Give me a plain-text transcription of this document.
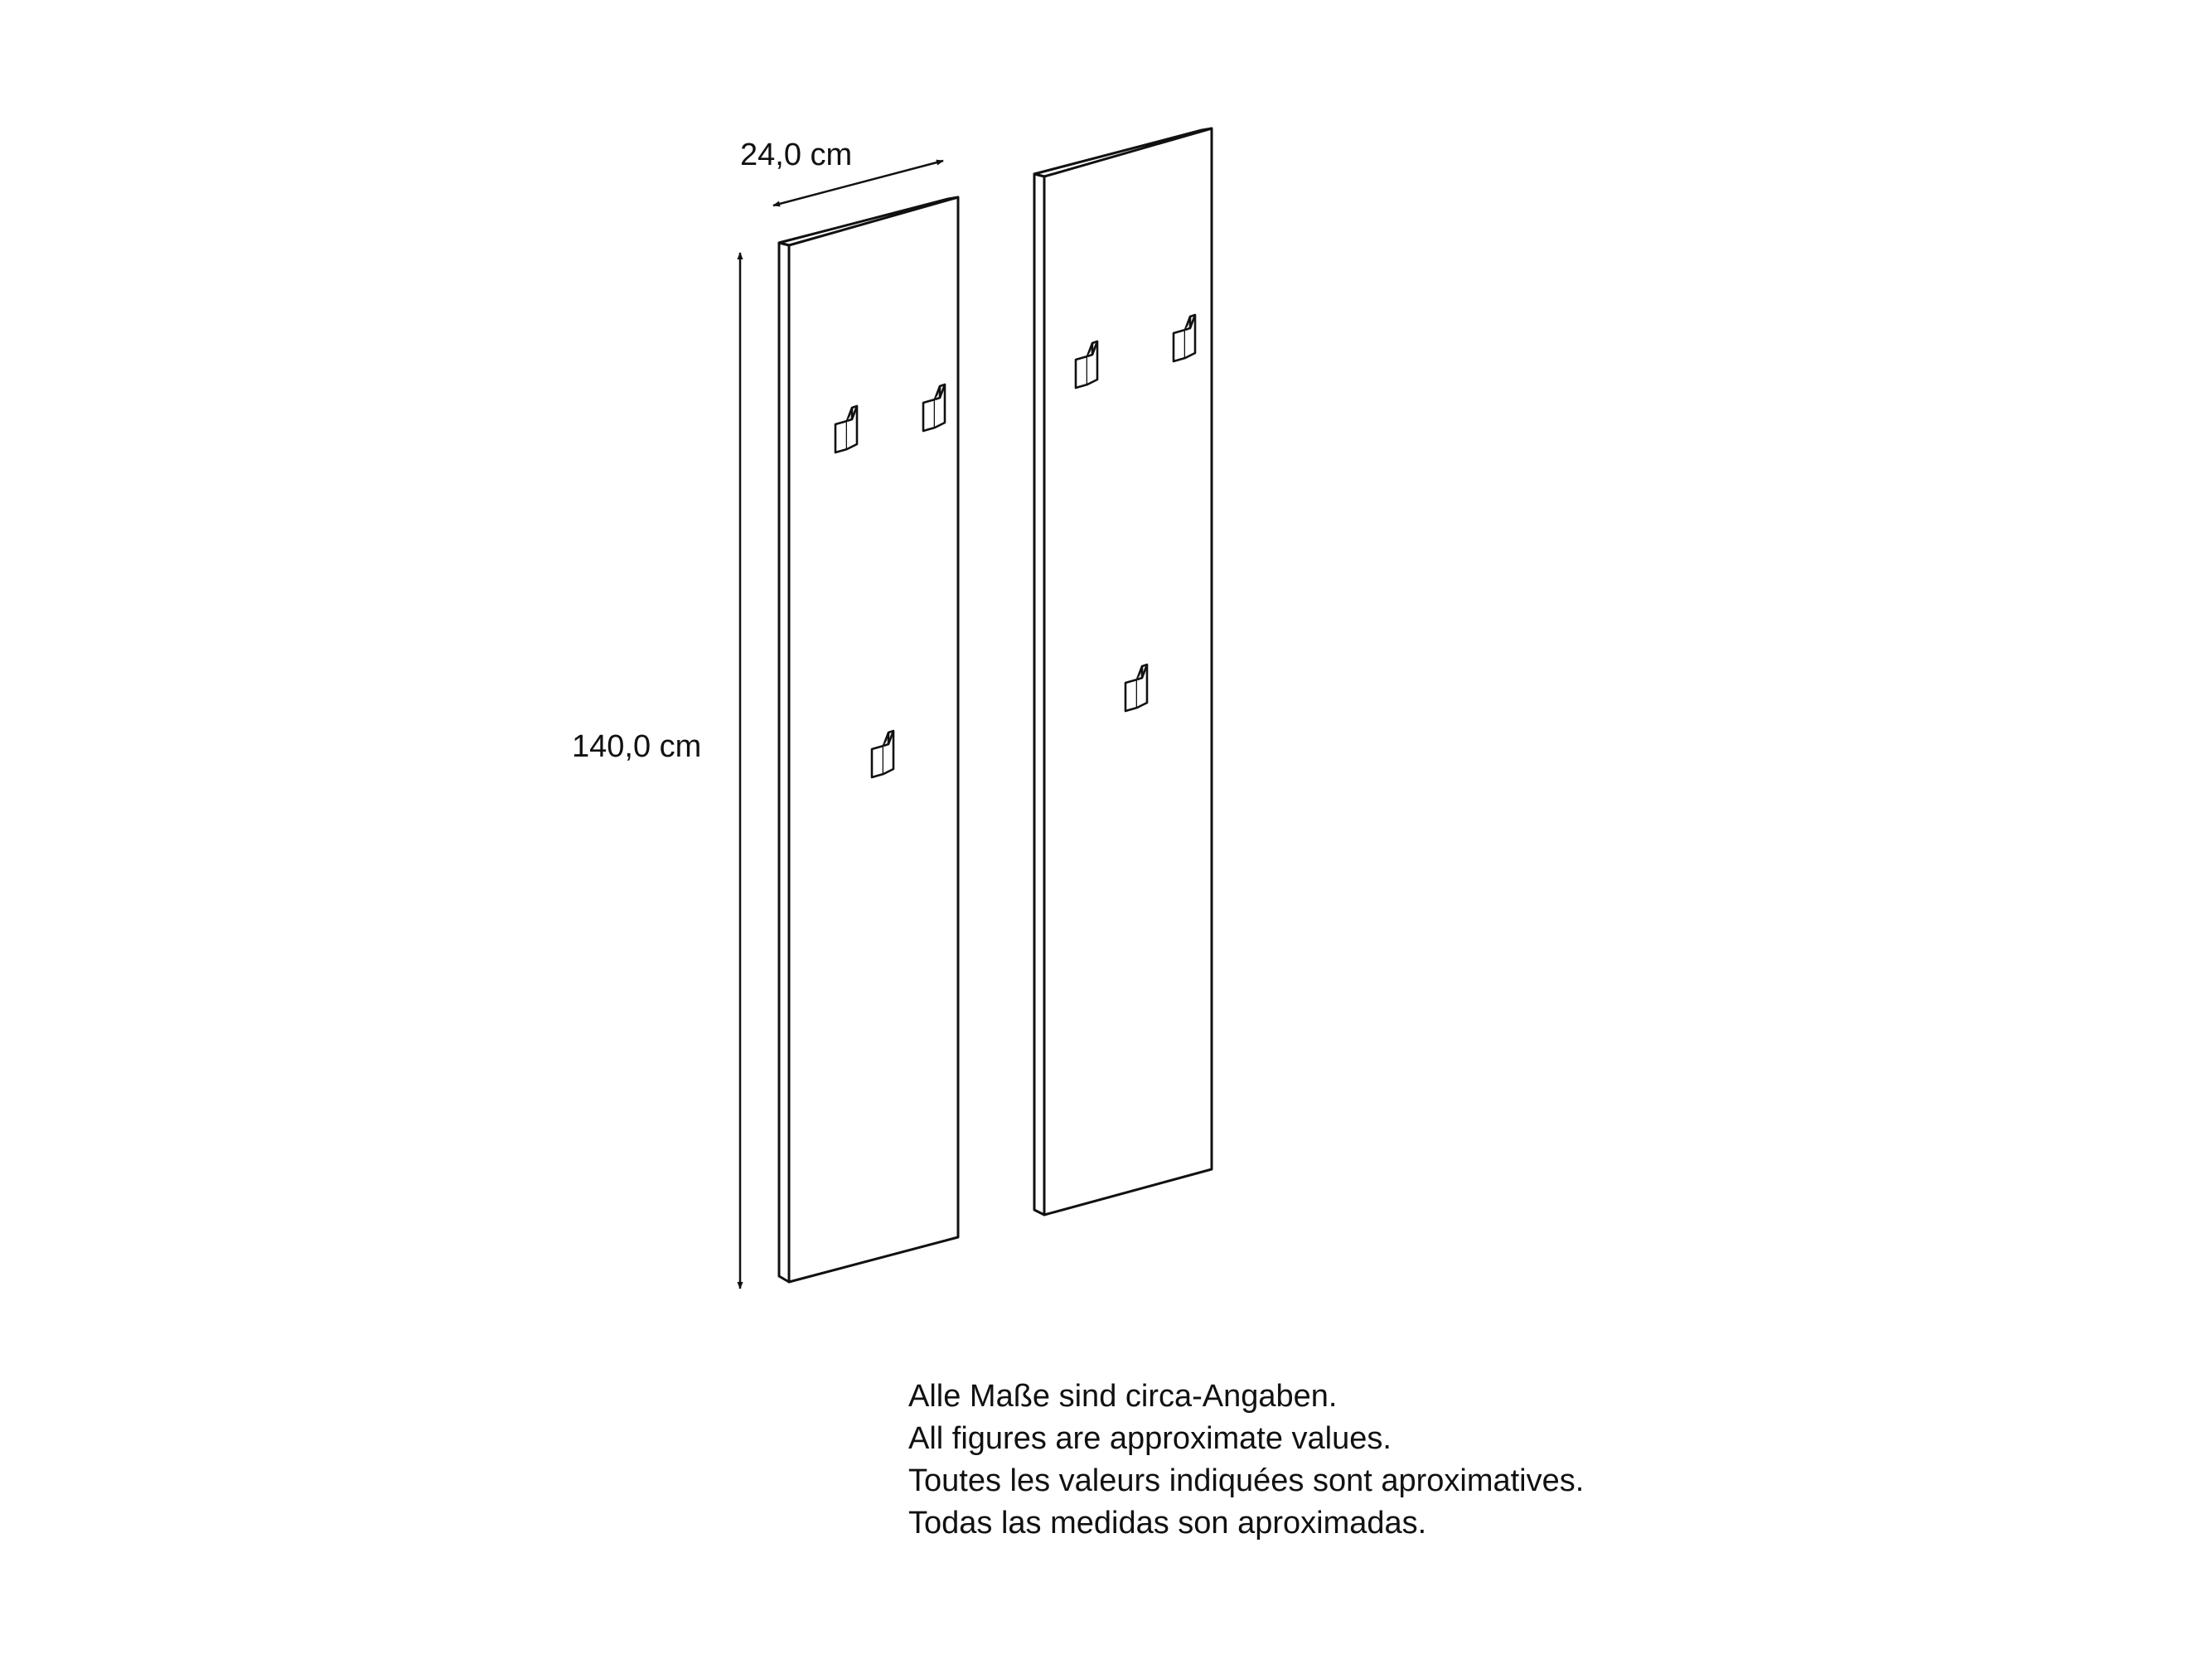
24,0 cm
140,0 cm
Alle Maße sind circa-Angaben.
All figures are approximate values.
Toutes les valeurs indiquées sont aproximatives.
Todas las medidas son aproximadas.
